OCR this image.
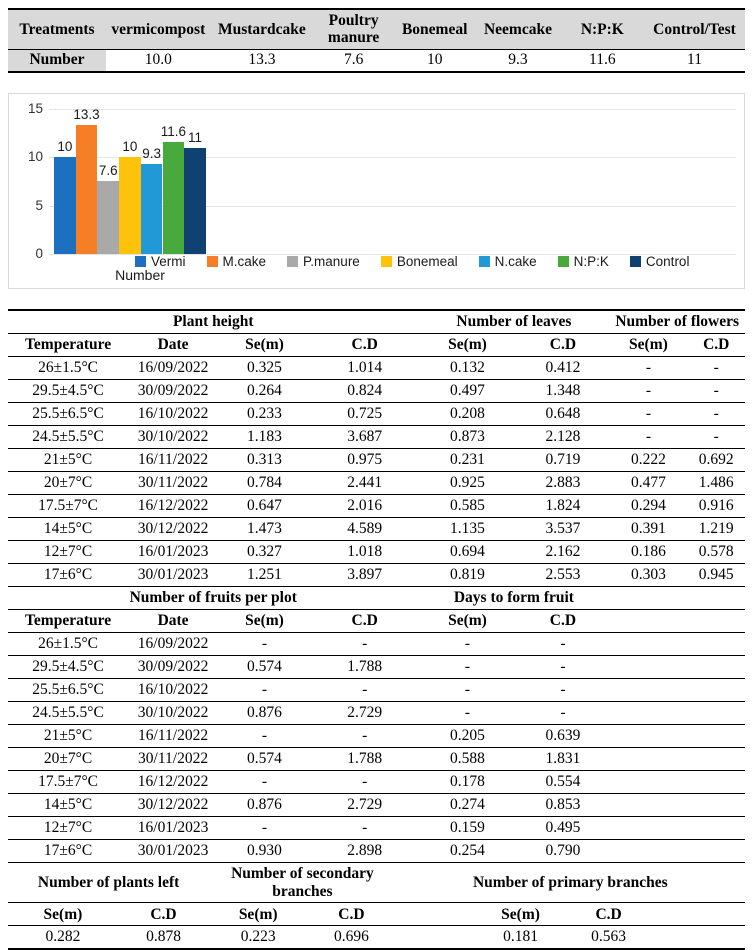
Treatments	vermicompost	Mustardcake	Poultry manure	Bonemeal	Neemcake	N:P:K	Control/Test
Number	10.0	13.3	7.6	10	9.3	11.6	11
15
10
5
0
10
13.3
7.6
10 9.3
11.6 11
Vermi	M.cake	P.manure	Bonemeal	N.cake	N:P:K	Control
Number
Plant height				Number of leaves		Number of flowers	
Temperature	Date	Se(m)	C.D	Se(m)	C.D	Se(m)	C.D
26±1.5°C	16/09/2022	0.325	1.014	0.132	0.412	-	-
29.5±4.5°C	30/09/2022	0.264	0.824	0.497	1.348	-	-
25.5±6.5°C	16/10/2022	0.233	0.725	0.208	0.648	-	-
24.5±5.5°C	30/10/2022	1.183	3.687	0.873	2.128	-	-
21±5°C	16/11/2022	0.313	0.975	0.231	0.719	0.222	0.692
20±7°C	30/11/2022	0.784	2.441	0.925	2.883	0.477	1.486
17.5±7°C	16/12/2022	0.647	2.016	0.585	1.824	0.294	0.916
14±5°C	30/12/2022	1.473	4.589	1.135	3.537	0.391	1.219
12±7°C	16/01/2023	0.327	1.018	0.694	2.162	0.186	0.578
17±6°C	30/01/2023	1.251	3.897	0.819	2.553	0.303	0.945
Number of fruits per plot				Days to form fruit			
Temperature	Date	Se(m)	C.D	Se(m)	C.D		
26±1.5°C	16/09/2022	-	-	-	-		
29.5±4.5°C	30/09/2022	0.574	1.788	-	-		
25.5±6.5°C	16/10/2022	-	-	-	-		
24.5±5.5°C	30/10/2022	0.876	2.729	-	-		
21±5°C	16/11/2022	-	-	0.205	0.639		
20±7°C	30/11/2022	0.574	1.788	0.588	1.831		
17.5±7°C	16/12/2022	-	-	0.178	0.554		
14±5°C	30/12/2022	0.876	2.729	0.274	0.853		
12±7°C	16/01/2023	-	-	0.159	0.495		
17±6°C	30/01/2023	0.930	2.898	0.254	0.790		
Number of plants left		Number of secondary branches		Number of primary branches			
Se(m)	C.D	Se(m)	C.D		Se(m)	C.D	
0.282	0.878	0.223	0.696		0.181	0.563	
